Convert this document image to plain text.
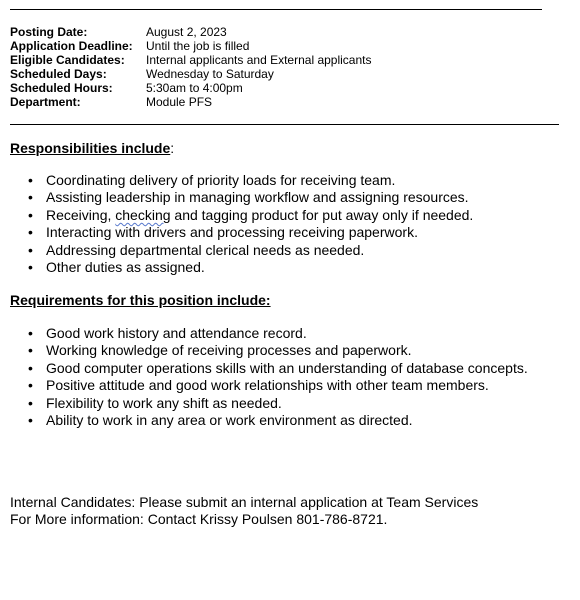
Posting Date:	August 2, 2023
Application Deadline:	Until the job is filled
Eligible Candidates:	Internal applicants and External applicants
Scheduled Days:	Wednesday to Saturday
Scheduled Hours:	5:30am to 4:00pm
Department:	Module PFS
Responsibilities include:
• Coordinating delivery of priority loads for receiving team.
• Assisting leadership in managing workflow and assigning resources.
• Receiving, checking and tagging product for put away only if needed.
• Interacting with drivers and processing receiving paperwork.
• Addressing departmental clerical needs as needed.
• Other duties as assigned.
Requirements for this position include:
• Good work history and attendance record.
• Working knowledge of receiving processes and paperwork.
• Good computer operations skills with an understanding of database concepts.
• Positive attitude and good work relationships with other team members.
• Flexibility to work any shift as needed.
• Ability to work in any area or work environment as directed.
Internal Candidates: Please submit an internal application at Team Services
For More information: Contact Krissy Poulsen 801-786-8721.
